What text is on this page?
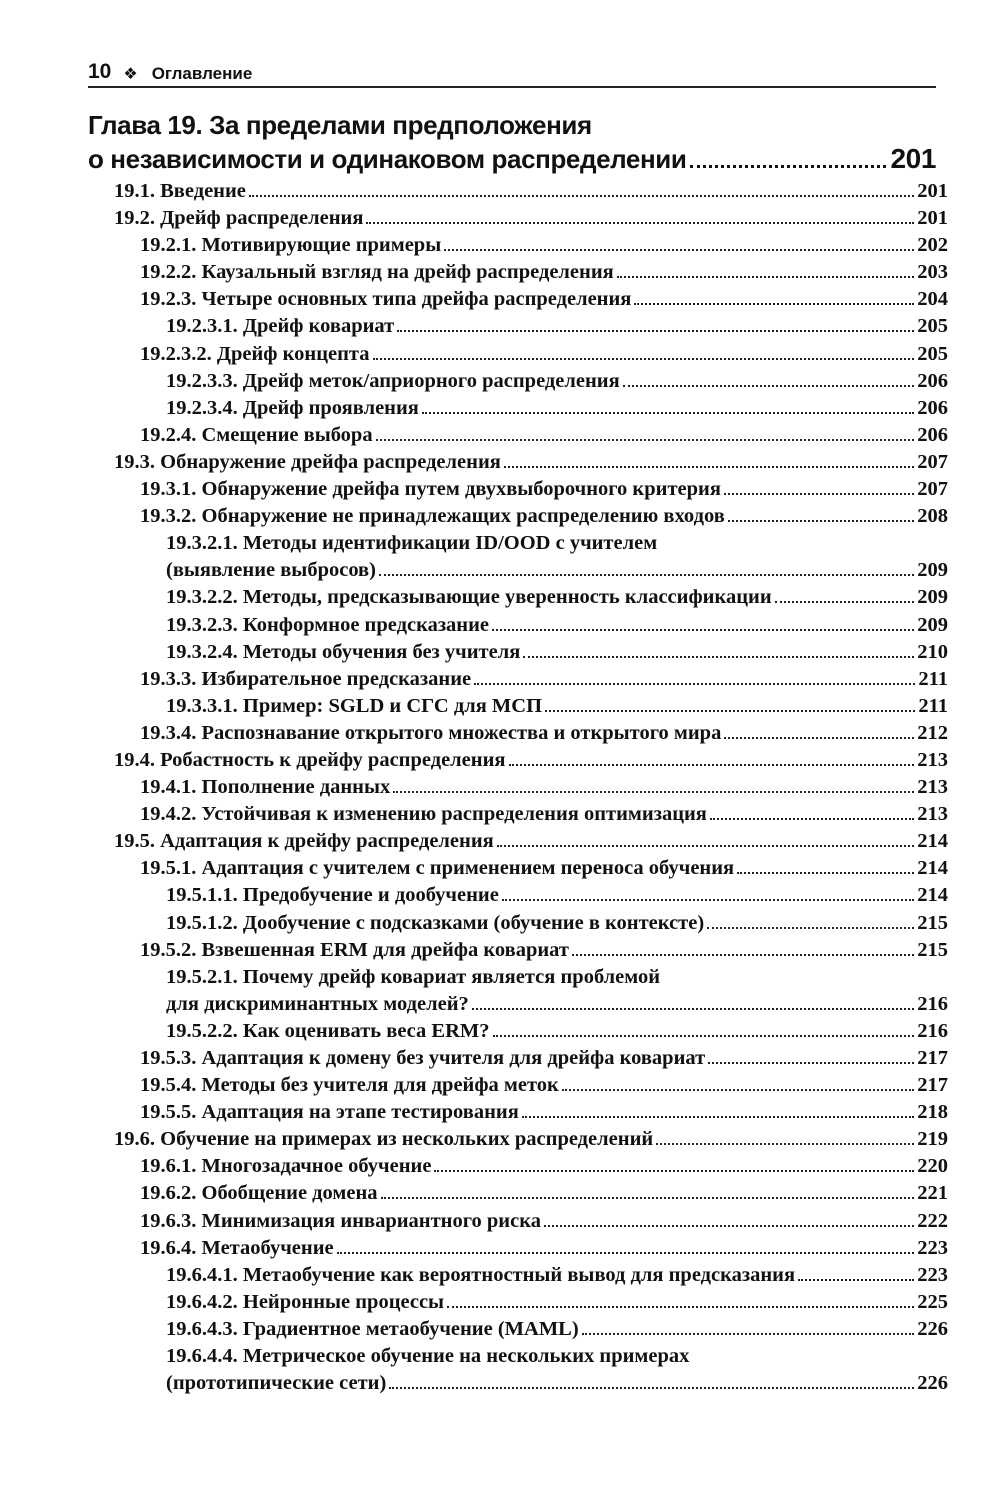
10 ❖ Оглавление
Глава 19. За пределами предположения
о независимости и одинаковом распределении	201
19.1. Введение	201
19.2. Дрейф распределения	201
19.2.1. Мотивирующие примеры	202
19.2.2. Каузальный взгляд на дрейф распределения	203
19.2.3. Четыре основных типа дрейфа распределения	204
19.2.3.1. Дрейф ковариат	205
19.2.3.2. Дрейф концепта	205
19.2.3.3. Дрейф меток/априорного распределения	206
19.2.3.4. Дрейф проявления	206
19.2.4. Смещение выбора	206
19.3. Обнаружение дрейфа распределения	207
19.3.1. Обнаружение дрейфа путем двухвыборочного критерия	207
19.3.2. Обнаружение не принадлежащих распределению входов	208
19.3.2.1. Методы идентификации ID/OOD с учителем
(выявление выбросов)	209
19.3.2.2. Методы, предсказывающие уверенность классификации	209
19.3.2.3. Конформное предсказание	209
19.3.2.4. Методы обучения без учителя	210
19.3.3. Избирательное предсказание	211
19.3.3.1. Пример: SGLD и СГС для МСП	211
19.3.4. Распознавание открытого множества и открытого мира	212
19.4. Робастность к дрейфу распределения	213
19.4.1. Пополнение данных	213
19.4.2. Устойчивая к изменению распределения оптимизация	213
19.5. Адаптация к дрейфу распределения	214
19.5.1. Адаптация с учителем с применением переноса обучения	214
19.5.1.1. Предобучение и дообучение	214
19.5.1.2. Дообучение с подсказками (обучение в контексте)	215
19.5.2. Взвешенная ERM для дрейфа ковариат	215
19.5.2.1. Почему дрейф ковариат является проблемой
для дискриминантных моделей?	216
19.5.2.2. Как оценивать веса ERM?	216
19.5.3. Адаптация к домену без учителя для дрейфа ковариат	217
19.5.4. Методы без учителя для дрейфа меток	217
19.5.5. Адаптация на этапе тестирования	218
19.6. Обучение на примерах из нескольких распределений	219
19.6.1. Многозадачное обучение	220
19.6.2. Обобщение домена	221
19.6.3. Минимизация инвариантного риска	222
19.6.4. Метаобучение	223
19.6.4.1. Метаобучение как вероятностный вывод для предсказания	223
19.6.4.2. Нейронные процессы	225
19.6.4.3. Градиентное метаобучение (MAML)	226
19.6.4.4. Метрическое обучение на нескольких примерах
(прототипические сети)	226
